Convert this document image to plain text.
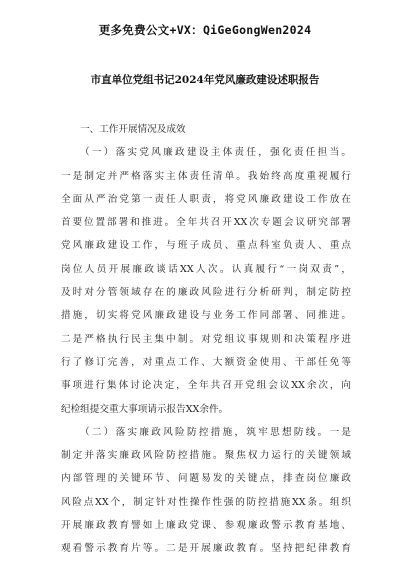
更多免费公文+VX：QiGeGongWen2024
市直单位党组书记2024年党风廉政建设述职报告
一、工作开展情况及成效
（一）落实党风廉政建设主体责任，强化责任担当。
一是制定并严格落实主体责任清单。我始终高度重视履行
全面从严治党第一责任人职责，将党风廉政建设工作放在
首要位置部署和推进。全年共召开XX次专题会议研究部署
党风廉政建设工作，与班子成员、重点科室负责人、重点
岗位人员开展廉政谈话XX人次。认真履行“一岗双责”，
及时对分管领域存在的廉政风险进行分析研判，制定防控
措施，切实将党风廉政建设与业务工作同部署、同推进。
二是严格执行民主集中制。对党组议事规则和决策程序进
行了修订完善，对重点工作、大额资金使用、干部任免等
事项进行集体讨论决定，全年共召开党组会议XX余次，向
纪检组提交重大事项请示报告XX余件。
（二）落实廉政风险防控措施，筑牢思想防线。一是
制定并落实廉政风险防控措施。聚焦权力运行的关键领域
内部管理的关键环节、问题易发的关键点，排查岗位廉政
风险点XX个，制定针对性操作性强的防控措施XX条。组织
开展廉政教育譬如上廉政党课、参观廉政警示教育基地、
观看警示教育片等。二是开展廉政教育。坚持把纪律教育
